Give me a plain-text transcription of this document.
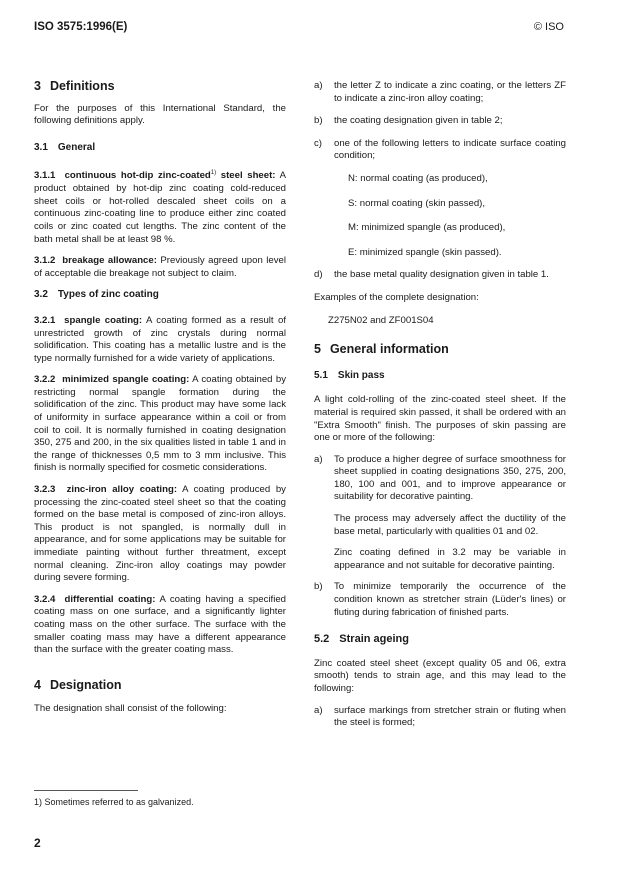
ISO 3575:1996(E)	© ISO
3 Definitions

For the purposes of this International Standard, the following definitions apply.

3.1 General

3.1.1 continuous hot-dip zinc-coated$^{1)}$ steel sheet: A product obtained by hot-dip zinc coating cold-reduced sheet coils or hot-rolled descaled sheet coils on a continuous zinc-coating line to produce either zinc coated coils or zinc coated cut lengths. The zinc content of the bath metal shall be at least 98 %.

3.1.2 breakage allowance: Previously agreed upon level of acceptable die breakage not subject to claim.

3.2 Types of zinc coating

3.2.1 spangle coating: A coating formed as a result of unrestricted growth of zinc crystals during normal solidification. This coating has a metallic lustre and is the type normally furnished for a wide variety of applications.

3.2.2 minimized spangle coating: A coating obtained by restricting normal spangle formation during the solidification of the zinc. This product may have some lack of uniformity in surface appearance within a coil or from coil to coil. It is normally furnished in coating designation 350, 275 and 200, in the six qualities listed in table 1 and in the range of thicknesses 0,5 mm to 3 mm inclusive. This finish is normally specified for cosmetic considerations.

3.2.3 zinc-iron alloy coating: A coating produced by processing the zinc-coated steel sheet so that the coating formed on the base metal is composed of zinc-iron alloys. This product is not spangled, is normally dull in appearance, and for some applications may be suitable for immediate painting without further threatment, except normal cleaning. Zinc-iron alloy coatings may powder during severe forming.

3.2.4 differential coating: A coating having a specified coating mass on one surface, and a significantly lighter coating mass on the other surface. The surface with the smaller coating mass may have a different appearance than the surface with the greater coating mass.

4 Designation

The designation shall consist of the following:

a)	the letter Z to indicate a zinc coating, or the letters ZF to indicate a zinc-iron alloy coating;

b)	the coating designation given in table 2;

c)	one of the following letters to indicate surface coating condition;

N: normal coating (as produced),

S: normal coating (skin passed),

M: minimized spangle (as produced),

E: minimized spangle (skin passed).

d)	the base metal quality designation given in table 1.

Examples of the complete designation:

Z275N02 and ZF001S04

5 General information
5.1 Skin pass

A light cold-rolling of the zinc-coated steel sheet. If the material is required skin passed, it shall be ordered with an "Extra Smooth" finish. The purposes of skin passing are one or more of the following:

a)	To produce a higher degree of surface smoothness for sheet supplied in coating designations 350, 275, 200, 180, 100 and 001, and to improve appearance or suitability for decorative painting.

The process may adversely affect the ductility of the base metal, particularly with qualities 01 and 02.

Zinc coating defined in 3.2 may be variable in appearance and not suitable for decorative painting.

b)	To minimize temporarily the occurrence of the condition known as stretcher strain (Lüder's lines) or fluting during fabrication of finished parts.

5.2 Strain ageing

Zinc coated steel sheet (except quality 05 and 06, extra smooth) tends to strain age, and this may lead to the following:

a)	surface markings from stretcher strain or fluting when the steel is formed;

1) Sometimes referred to as galvanized.
2
